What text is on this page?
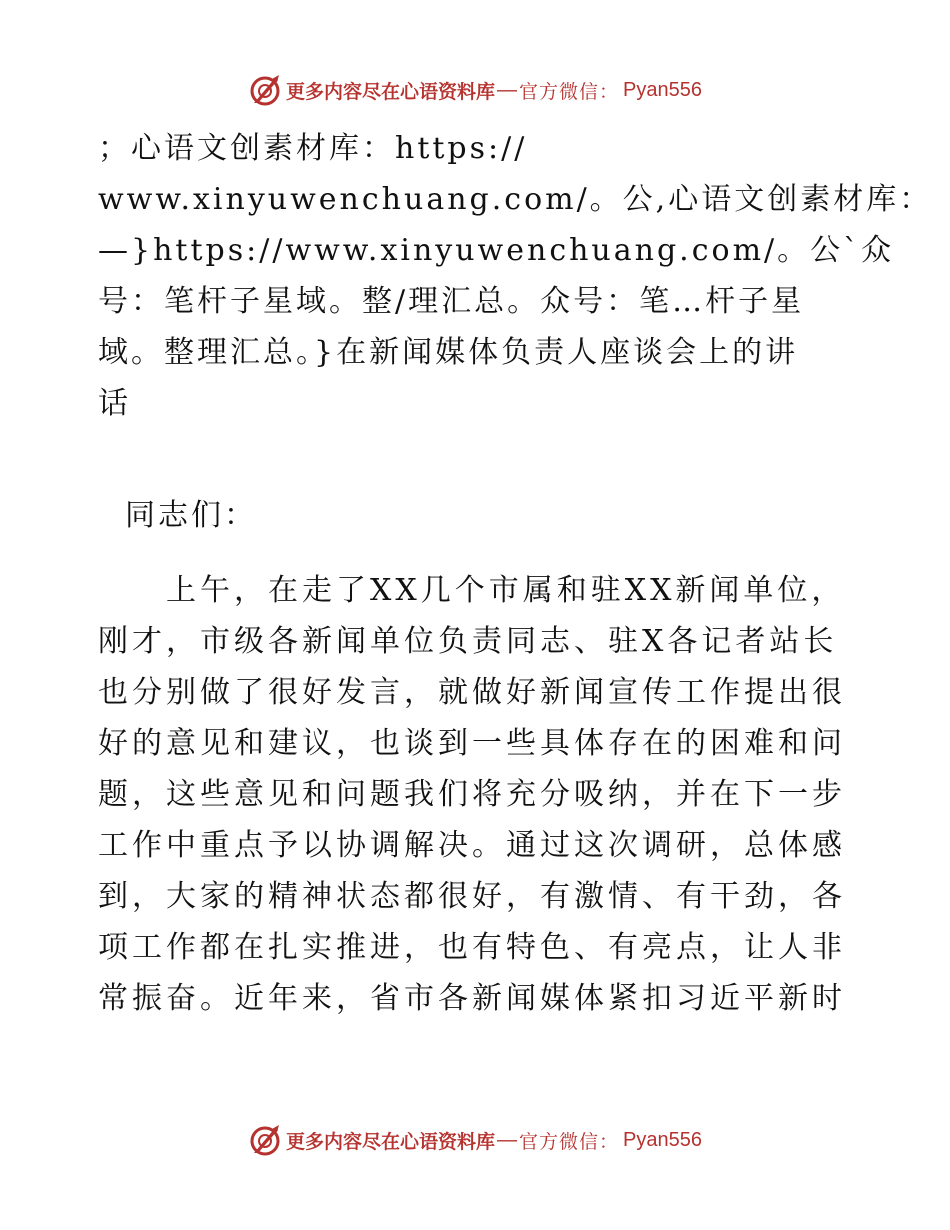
更多内容尽在心语资料库 — 官方微信： Pyan556
；心语文创素材库：https://
www.xinyuwenchuang.com/。公,心语文创素材库：
—}https://www.xinyuwenchuang.com/。公`众
号：笔杆子星域。整/理汇总。众号：笔…杆子星
域。整理汇总。}在新闻媒体负责人座谈会上的讲
话
同志们：
　　上午，在走了XX几个市属和驻XX新闻单位，
刚才，市级各新闻单位负责同志、驻X各记者站长
也分别做了很好发言，就做好新闻宣传工作提出很
好的意见和建议，也谈到一些具体存在的困难和问
题，这些意见和问题我们将充分吸纳，并在下一步
工作中重点予以协调解决。通过这次调研，总体感
到，大家的精神状态都很好，有激情、有干劲，各
项工作都在扎实推进，也有特色、有亮点，让人非
常振奋。近年来，省市各新闻媒体紧扣习近平新时
更多内容尽在心语资料库 — 官方微信： Pyan556
